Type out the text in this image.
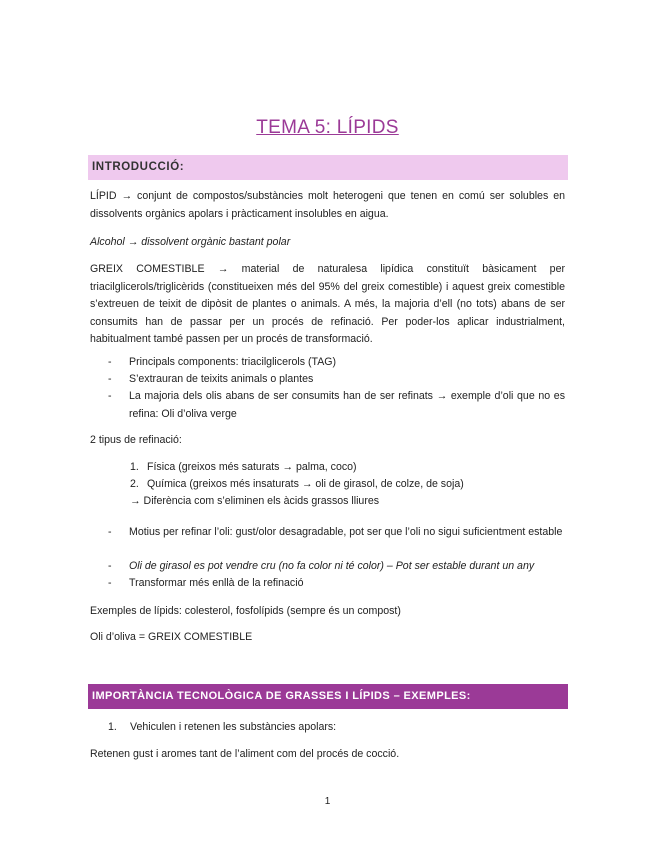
TEMA 5: LÍPIDS
INTRODUCCIÓ:
LÍPID → conjunt de compostos/substàncies molt heterogeni que tenen en comú ser solubles en dissolvents orgànics apolars i pràcticament insolubles en aigua.
Alcohol → dissolvent orgànic bastant polar
GREIX COMESTIBLE → material de naturalesa lipídica constituït bàsicament per triacilglicerols/triglicèrids (constitueixen més del 95% del greix comestible) i aquest greix comestible s’extreuen de teixit de dipòsit de plantes o animals. A més, la majoria d’ell (no tots) abans de ser consumits han de passar per un procés de refinació. Per poder-los aplicar industrialment, habitualment també passen per un procés de transformació.
- Principals components: triacilglicerols (TAG)
- S’extrauran de teixits animals o plantes
- La majoria dels olis abans de ser consumits han de ser refinats → exemple d’oli que no es refina: Oli d’oliva verge
2 tipus de refinació:
1. Física (greixos més saturats → palma, coco)
2. Química (greixos més insaturats → oli de girasol, de colze, de soja)
→ Diferència com s’eliminen els àcids grassos lliures
- Motius per refinar l’oli: gust/olor desagradable, pot ser que l’oli no sigui suficientment estable
- Oli de girasol es pot vendre cru (no fa color ni té color) – Pot ser estable durant un any
- Transformar més enllà de la refinació
Exemples de lípids: colesterol, fosfolípids (sempre és un compost)
Oli d’oliva = GREIX COMESTIBLE
IMPORTÀNCIA TECNOLÒGICA DE GRASSES I LÍPIDS – EXEMPLES:
1. Vehiculen i retenen les substàncies apolars:
Retenen gust i aromes tant de l’aliment com del procés de cocció.
1
